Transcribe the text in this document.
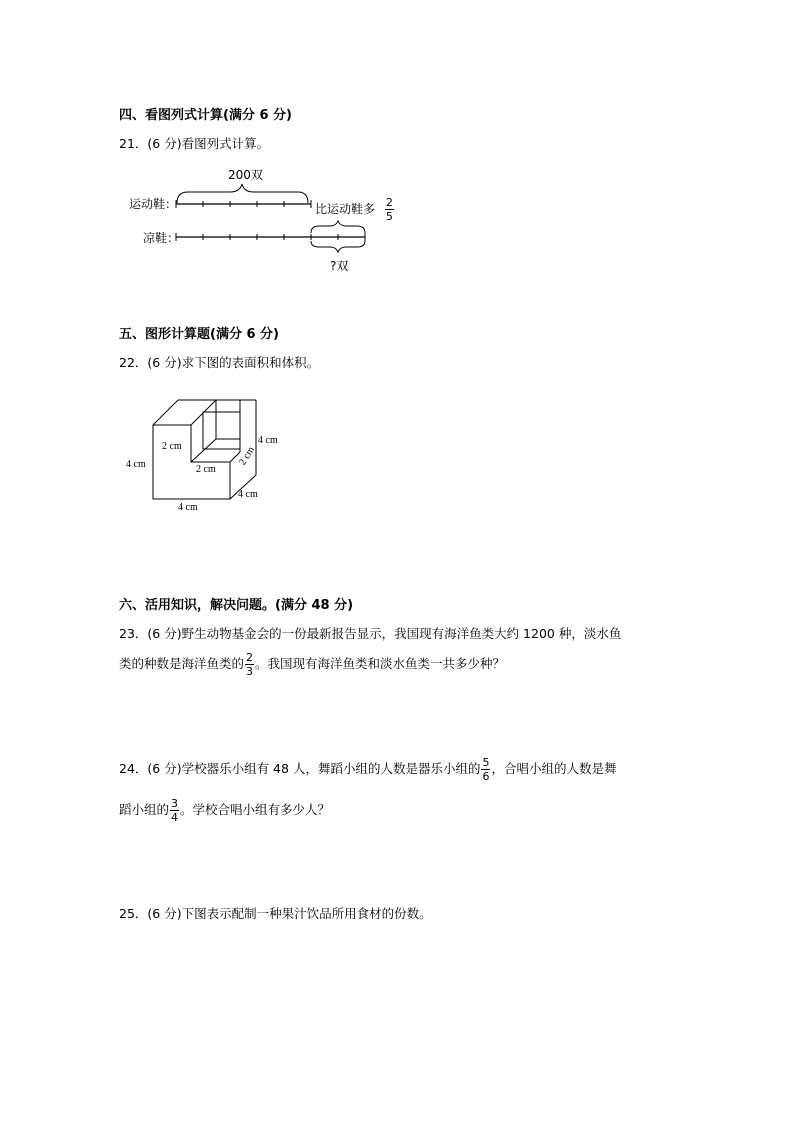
四、看图列式计算(满分 6 分)
21．(6 分)看图列式计算。
200双
运动鞋：
凉鞋：
比运动鞋多 $\frac{2}{5}$
?双
五、图形计算题(满分 6 分)
22．(6 分)求下图的表面积和体积。
2 cm
2 cm
2 cm
4 cm
4 cm
4 cm
4 cm
六、活用知识，解决问题。(满分 48 分)
23．(6 分)野生动物基金会的一份最新报告显示，我国现有海洋鱼类大约 1200 种，淡水鱼
类的种数是海洋鱼类的 $\frac{2}{3}$ 。我国现有海洋鱼类和淡水鱼类一共多少种？
24．(6 分)学校器乐小组有 48 人，舞蹈小组的人数是器乐小组的 $\frac{5}{6}$ ，合唱小组的人数是舞
蹈小组的 $\frac{3}{4}$ 。学校合唱小组有多少人？
25．(6 分)下图表示配制一种果汁饮品所用食材的份数。
